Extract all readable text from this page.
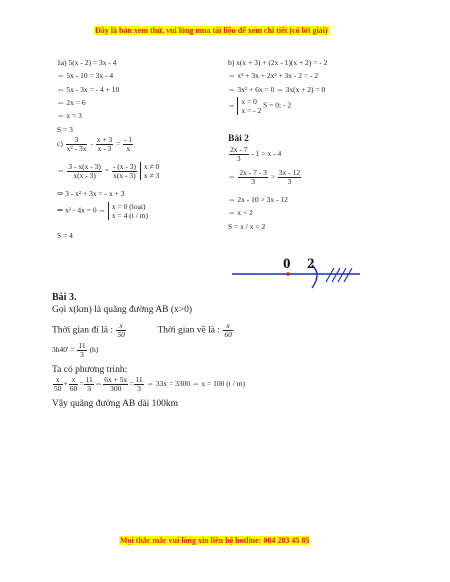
Đây là bản xem thử, vui lòng mua tài liệu để xem chi tiết (có lời giải)
1a) 5(x - 2) = 3x - 4
⇔ 5x - 10 = 3x - 4
⇔ 5x - 3x = - 4 + 10
⇔ 2x = 6
⇔ x = 3
S = 3
$c) \frac{3}{\text{x² - 3x}} - \frac{x + 3}{x - 3} = \frac{- 1}{x}$
⇔ $\frac{3 - x(x - 3)}{x(x - 3)} = \frac{- (x - 3)}{x(x - 3)}$ x ≠ 0
x ≠ 3
⇒ 3 - x² + 3x = - x + 3
⇒ x² - 4x = 0 ⇔ x = 0 (loại)
x = 4 (t / m)
S = 4
b) x(x + 3) + (2x - 1)(x + 2) = - 2
⇔ x² + 3x + 2x² + 3x - 2 = - 2
⇔ 3x² + 6x = 0 ⇔ 3x(x + 2) = 0
⇔ x = 0
x = - 2 S = 0; - 2
Bài 2
$\frac{2x - 7}{3} - 1 > x - 4$
⇔ $\frac{2x - 7 - 3}{3} > \frac{3x - 12}{3}$
⇔ 2x - 10 > 3x - 12
⇔ x < 2
S = x / x < 2
0 2
Bài 3.
Gọi x(km) là quãng đường AB (x>0)
Thời gian đi là : $\frac{x}{50}$	Thời gian về là : $\frac{x}{60}$
$3h40' = \frac{11}{3} (h)$
Ta có phương trình:
$\frac{x}{50} + \frac{x}{60} = \frac{11}{3}$ ⇔ $\frac{6x + 5x}{300} = \frac{11}{3}$ ⇔ 33x = 3300 ⇔ x = 100 (t / m)
Vậy quãng đường AB dài 100km
Mọi thắc mắc vui lòng xin liên hệ hotline: 084 283 45 85
